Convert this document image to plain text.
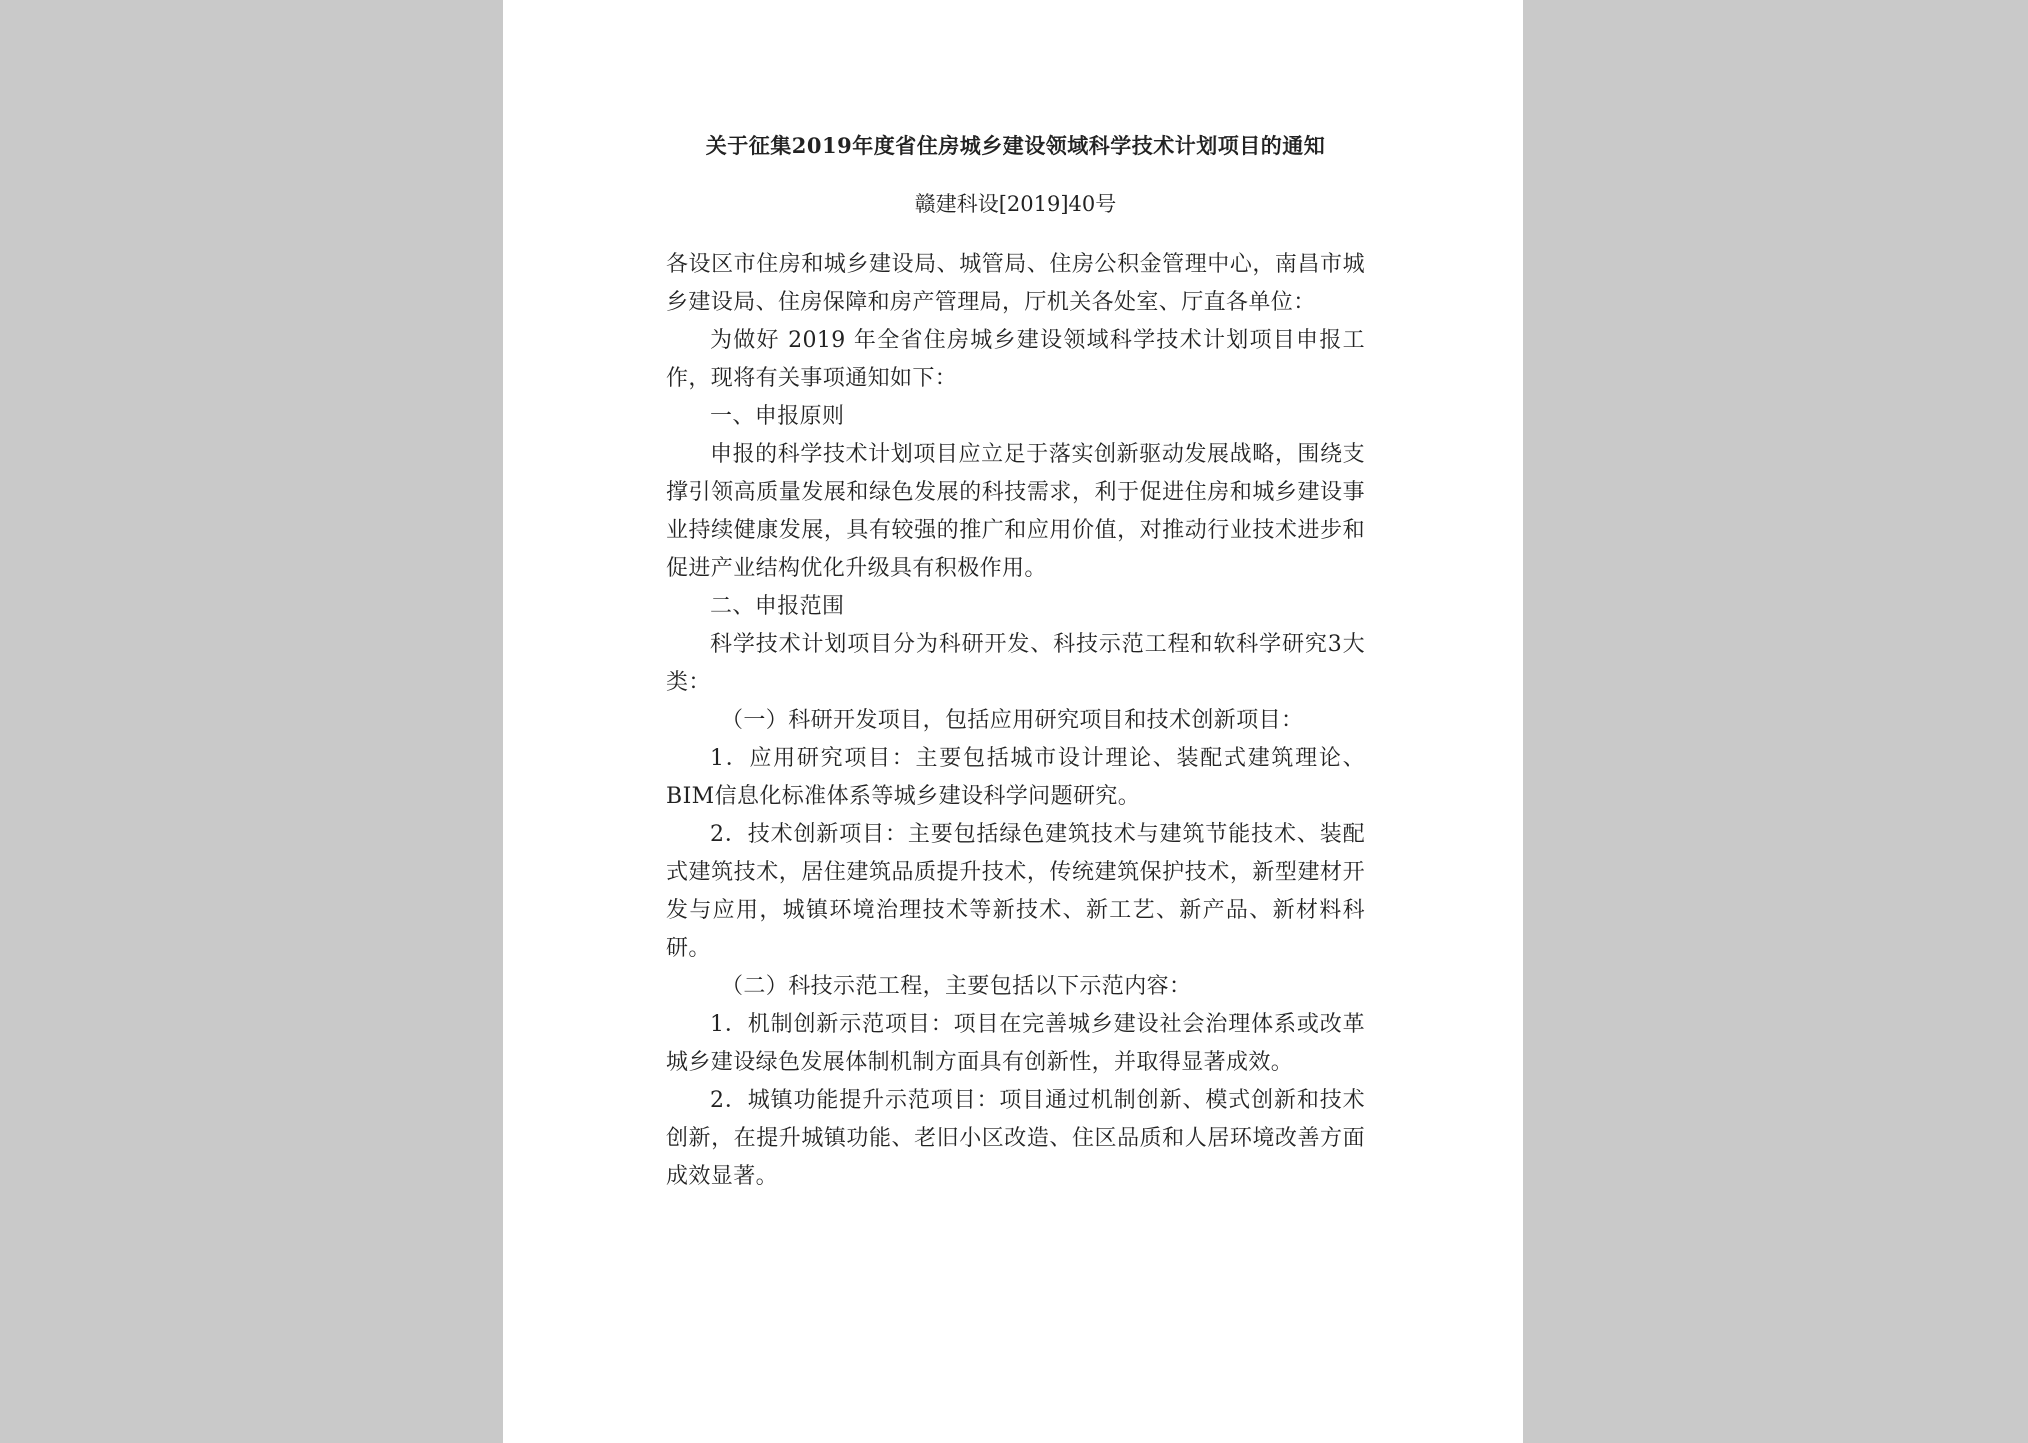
关于征集2019年度省住房城乡建设领域科学技术计划项目的通知
赣建科设[2019]40号

各设区市住房和城乡建设局、城管局、住房公积金管理中心，南昌市城乡建设局、住房保障和房产管理局，厅机关各处室、厅直各单位：

为做好 2019 年全省住房城乡建设领域科学技术计划项目申报工作，现将有关事项通知如下：

一、申报原则

申报的科学技术计划项目应立足于落实创新驱动发展战略，围绕支撑引领高质量发展和绿色发展的科技需求，利于促进住房和城乡建设事业持续健康发展，具有较强的推广和应用价值，对推动行业技术进步和促进产业结构优化升级具有积极作用。

二、申报范围

科学技术计划项目分为科研开发、科技示范工程和软科学研究3大类：

（一）科研开发项目，包括应用研究项目和技术创新项目：

1．应用研究项目：主要包括城市设计理论、装配式建筑理论、BIM信息化标准体系等城乡建设科学问题研究。

2．技术创新项目：主要包括绿色建筑技术与建筑节能技术、装配式建筑技术，居住建筑品质提升技术，传统建筑保护技术，新型建材开发与应用，城镇环境治理技术等新技术、新工艺、新产品、新材料科研。

（二）科技示范工程，主要包括以下示范内容：

1．机制创新示范项目：项目在完善城乡建设社会治理体系或改革城乡建设绿色发展体制机制方面具有创新性，并取得显著成效。

2．城镇功能提升示范项目：项目通过机制创新、模式创新和技术创新，在提升城镇功能、老旧小区改造、住区品质和人居环境改善方面成效显著。
